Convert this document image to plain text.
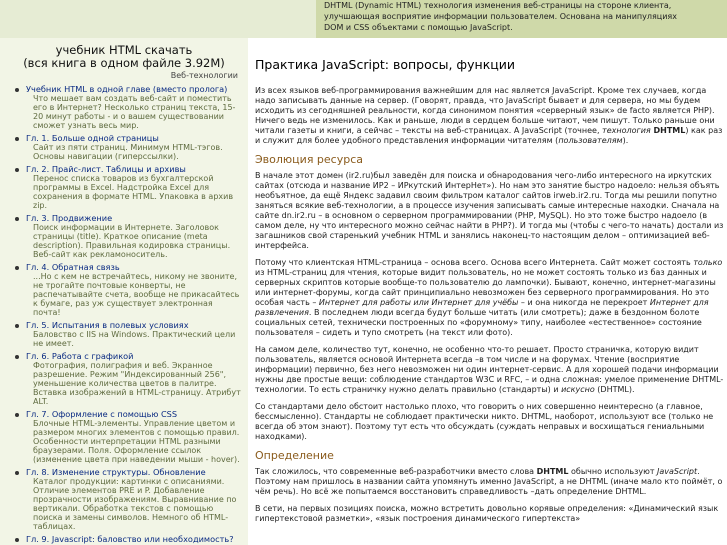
DHTML (Dynamic HTML) технология изменения веб-страницы на стороне клиента,
улучшающая восприятие информации пользователем. Основана на манипуляциях
DOM и CSS объектами с помощью JavaScript.
учебник HTML скачать
(вся книга в одном файле 3.92M)
Веб-технологии
Учебник HTML в одной главе (вместо пролога)
Что мешает вам создать веб-сайт и поместить его в Интернет? Несколько страниц текста, 15-20 минут работы - и о вашем существовании сможет узнать весь мир.
Гл. 1. Больше одной страницы
Сайт из пяти страниц. Минимум HTML-тэгов. Основы навигации (гиперссылки).
Гл. 2. Прайс-лист. Таблицы и архивы
Перенос списка товаров из бухгалтерской программы в Excel. Надстройка Excel для сохранения в формате HTML. Упаковка в архив zip.
Гл. 3. Продвижение
Поиск информации в Интернете. Заголовок страницы (title). Краткое описание (meta description). Правильная кодировка страницы. Веб-сайт как рекламоноситель.
Гл. 4. Обратная связь
...Но с кем не встречайтесь, никому не звоните, не трогайте почтовые конверты, не распечатывайте счета, вообще не прикасайтесь к бумаге, раз уж существует электронная почта!
Гл. 5. Испытания в полевых условиях
Баловство с IIS на Windows. Практический цели не имеет.
Гл. 6. Работа с графикой
Фотография, полиграфия и веб. Экранное разрешение. Режим "Индексированный 256", уменьшение количества цветов в палитре. Вставка изображений в HTML-страницу. Атрибут ALT.
Гл. 7. Оформление с помощью CSS
Блочные HTML-элементы. Управление цветом и размером многих элементов с помощью правил. Особенности интерпретации HTML разными браузерами. Поля. Оформление ссылок (изменение цвета при наведении мыши - hover).
Гл. 8. Изменение структуры. Обновление
Каталог продукции: картинки с описаниями. Отличие элементов PRE и P. Добавление прозрачности изображениям. Выравнивание по вертикали. Обработка текстов с помощью поиска и замены символов. Немного об HTML-таблицах.
Гл. 9. Javascript: баловство или необходимость?
Практика JavaScript: вопросы, функции

Из всех языков веб-программирования важнейшим для нас является JavaScript. Кроме тех случаев, когда надо записывать данные на сервер. (Говорят, правда, что JavaScript бывает и для сервера, но мы будем исходить из сегодняшней реальности, когда синонимом понятия «серверный язык» de facto является PHP). Ничего ведь не изменилось. Как и раньше, люди в сердцем больше читают, чем пишут. Только раньше они читали газеты и книги, а сейчас – тексты на веб-страницах. А JavaScript (точнее, технология DHTML) как раз и служит для более удобного представления информации читателям (пользователям).

Эволюция ресурса

В начале этот домен (ir2.ru)был заведён для поиска и обнародования чего-либо интересного на иркутских сайтах (отсюда и название ИР2 – ИРкутский ИнтерНет»). Но нам это занятие быстро надоело: нельзя объять необъятное, да ещё Яндекс задавил своим фильтром каталог сайтов irweb.ir2.ru. Тогда мы решили попутно заняться всякие веб-технологии, а в процессе изучения записывать самые интересные находки. Сначала на сайте dn.ir2.ru – в основном о серверном программировании (PHP, MySQL). Но это тоже быстро надоело (в самом деле, ну что интересного можно сейчас найти в PHP?). И тогда мы (чтобы с чего-то начать) достали из загашников свой старенький учебник HTML и занялись наконец-то настоящим делом – оптимизацией веб-интерфейса.

Потому что клиентская HTML-страница – основа всего. Основа всего Интернета. Сайт может состоять только из HTML-страниц для чтения, которые видит пользователь, но не может состоять только из баз данных и серверных скриптов которые вообще-то пользователю до лампочки). Бывают, конечно, интернет-магазины или интернет-форумы, когда сайт принципиально невозможен без серверного программирования. Но это особая часть – Интернет для работы или Интернет для учёбы – и она никогда не перекроет Интернет для развлечения. В последнем люди всегда будут больше читать (или смотреть); даже в бездонном болоте социальных сетей, технически построенных по «форумному» типу, наиболее «естественное» состояние пользователя – сидеть и тупо смотреть (на текст или фото).

На самом деле, количество тут, конечно, не особенно что-то решает. Просто страничка, которую видит пользователь, является основой Интернета всегда –в том числе и на форумах. Чтение (восприятие информации) первично, без него невозможен ни один интернет-сервис. А для хорошей подачи информации нужны две простые вещи: соблюдение стандартов W3C и RFC, – и одна сложная: умелое применение DHTML-технологии. То есть страничку нужно делать правильно (стандарты) и искусно (DHTML).

Со стандартами дело обстоит настолько плохо, что говорить о них совершенно неинтересно (а главное, бессмысленно). Стандарты не соблюдает практически никто. DHTML, наоборот, используют все (только не всегда об этом знают). Поэтому тут есть что обсуждать (суждать неправых и восхищаться гениальными находками).

Определение

Так сложилось, что современные веб-разработчики вместо слова DHTML обычно используют JavaScript. Поэтому нам пришлось в названии сайта упомянуть именно JavaScript, а не DHTML (иначе мало кто поймёт, о чём речь). Но всё же попытаемся восстановить справедливость –дать определение DHTML.

В сети, на первых позициях поиска, можно встретить довольно корявые определения: «Динамический язык гипертекстовой разметки», «язык построения динамического гипертекста»
